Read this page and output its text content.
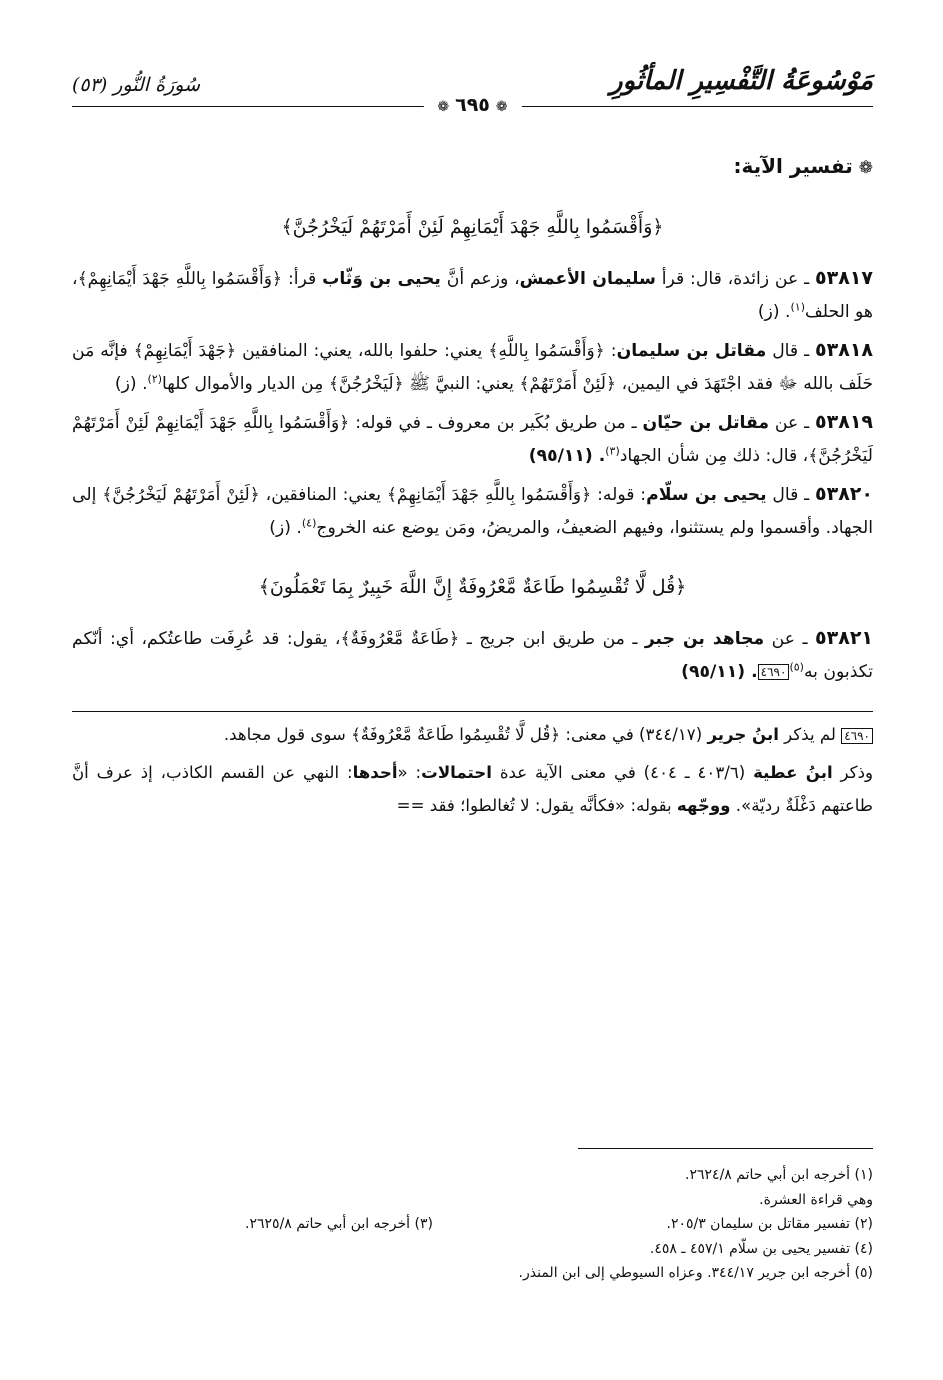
مَوْسُوعَةُ التَّفْسِيرِ المأثُورِ
سُورَةُ النُّور (٥٣)
❁٦٩٥❁
❁تفسير الآية:
﴿وَأَقْسَمُوا بِاللَّهِ جَهْدَ أَيْمَانِهِمْ لَئِنْ أَمَرْتَهُمْ لَيَخْرُجُنَّ﴾

٥٣٨١٧ ـ عن زائدة، قال: قرأ سليمان الأعمش، وزعم أنَّ يحيى بن وَثّاب قرأ: ﴿وَأَقْسَمُوا بِاللَّهِ جَهْدَ أَيْمَانِهِمْ﴾، هو الحلف$^{(١)}$. (ز)

٥٣٨١٨ ـ قال مقاتل بن سليمان: ﴿وَأَقْسَمُوا بِاللَّهِ﴾ يعني: حلفوا بالله، يعني: المنافقين ﴿جَهْدَ أَيْمَانِهِمْ﴾ فإنَّه مَن حَلَف بالله ﷻ فقد اجْتَهَدَ في اليمين، ﴿لَئِنْ أَمَرْتَهُمْ﴾ يعني: النبيَّ ﷺ ﴿لَيَخْرُجُنَّ﴾ مِن الديار والأموال كلها$^{(٢)}$. (ز)

٥٣٨١٩ ـ عن مقاتل بن حيّان ـ من طريق بُكَير بن معروف ـ في قوله: ﴿وَأَقْسَمُوا بِاللَّهِ جَهْدَ أَيْمَانِهِمْ لَئِنْ أَمَرْتَهُمْ لَيَخْرُجُنَّ﴾، قال: ذلك مِن شأن الجهاد$^{(٣)}$. (٩٥/١١)

٥٣٨٢٠ ـ قال يحيى بن سلّام: قوله: ﴿وَأَقْسَمُوا بِاللَّهِ جَهْدَ أَيْمَانِهِمْ﴾ يعني: المنافقين، ﴿لَئِنْ أَمَرْتَهُمْ لَيَخْرُجُنَّ﴾ إلى الجهاد. وأقسموا ولم يستثنوا، وفيهم الضعيفُ، والمريضُ، ومَن يوضع عنه الخروج$^{(٤)}$. (ز)

﴿قُل لَّا تُقْسِمُوا طَاعَةٌ مَّعْرُوفَةٌ إِنَّ اللَّهَ خَبِيرٌ بِمَا تَعْمَلُونَ﴾

٥٣٨٢١ ـ عن مجاهد بن جبر ـ من طريق ابن جريج ـ ﴿طَاعَةٌ مَّعْرُوفَةٌ﴾، يقول: قد عُرِفَت طاعتُكم، أي: أنّكم تكذبون به$^{(٥)}$٤٦٩٠. (٩٥/١١)

٤٦٩٠ لم يذكر ابنُ جرير (٣٤٤/١٧) في معنى: ﴿قُل لَّا تُقْسِمُوا طَاعَةٌ مَّعْرُوفَةٌ﴾ سوى قول مجاهد.

وذكر ابنُ عطية (٤٠٣/٦ ـ ٤٠٤) في معنى الآية عدة احتمالات: «أحدها: النهي عن القسم الكاذب، إذ عرف أنَّ طاعتهم دَغْلَةٌ رديّة». ووجّهه بقوله: «فكأنَّه يقول: لا تُغالطوا؛ فقد ==

(١) أخرجه ابن أبي حاتم ٢٦٢٤/٨.
وهي قراءة العشرة.
(٢) تفسير مقاتل بن سليمان ٢٠٥/٣.
(٣) أخرجه ابن أبي حاتم ٢٦٢٥/٨.
(٤) تفسير يحيى بن سلّام ٤٥٧/١ ـ ٤٥٨.
(٥) أخرجه ابن جرير ٣٤٤/١٧. وعزاه السيوطي إلى ابن المنذر.
